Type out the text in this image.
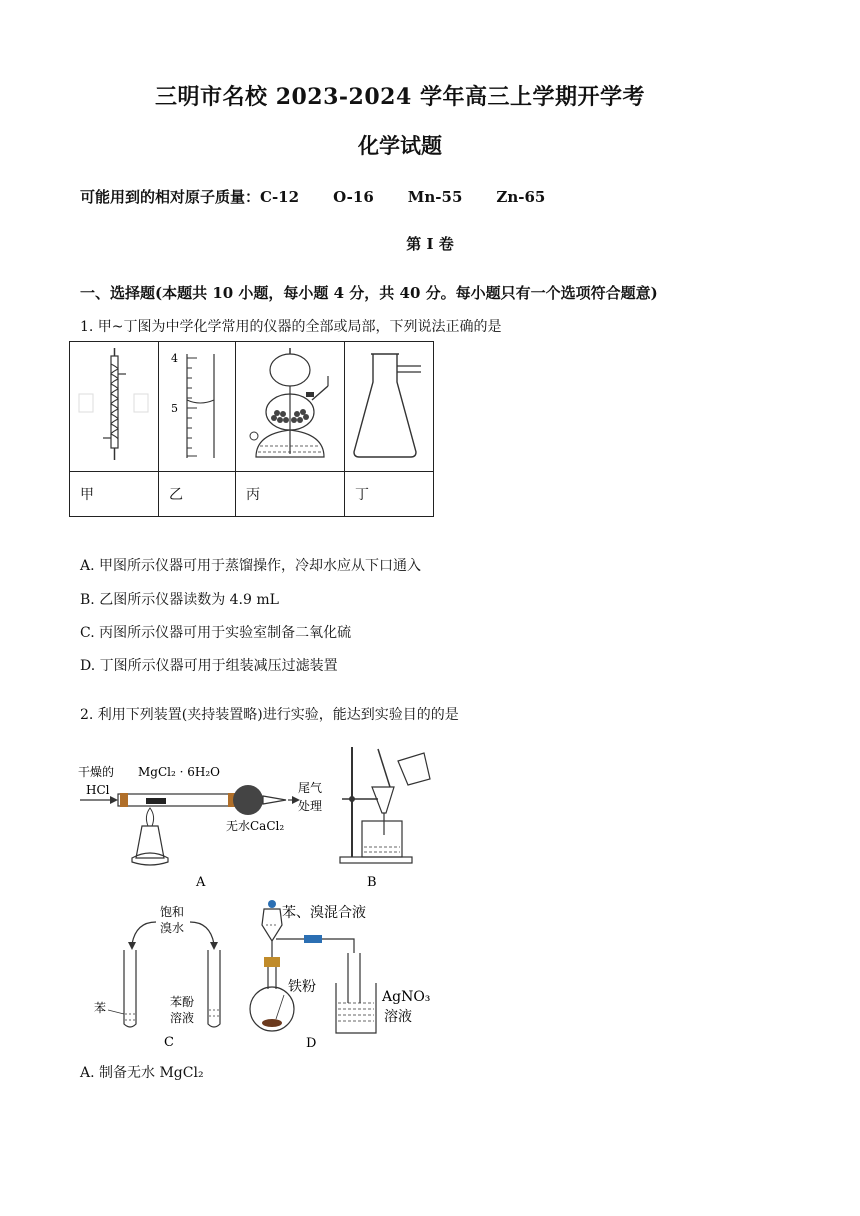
三明市名校 2023-2024 学年高三上学期开学考
化学试题
可能用到的相对原子质量：C-12 O-16 Mn-55 Zn-65
第 I 卷
一、选择题(本题共 10 小题，每小题 4 分，共 40 分。每小题只有一个选项符合题意)
1. 甲~丁图为中学化学常用的仪器的全部或局部，下列说法正确的是

4
5

甲	乙	丙	丁
A. 甲图所示仪器可用于蒸馏操作，冷却水应从下口通入
B. 乙图所示仪器读数为 4.9 mL
C. 丙图所示仪器可用于实验室制备二氧化硫
D. 丁图所示仪器可用于组装减压过滤装置
2. 利用下列装置(夹持装置略)进行实验，能达到实验目的的是
干燥的
HCl
MgCl₂ · 6H₂O
尾气
处理
无水CaCl₂
A	B
饱和
溴水
苯	苯酚
溶液
C
苯、溴混合液
铁粉
AgNO₃
溶液
D
A. 制备无水 MgCl₂
